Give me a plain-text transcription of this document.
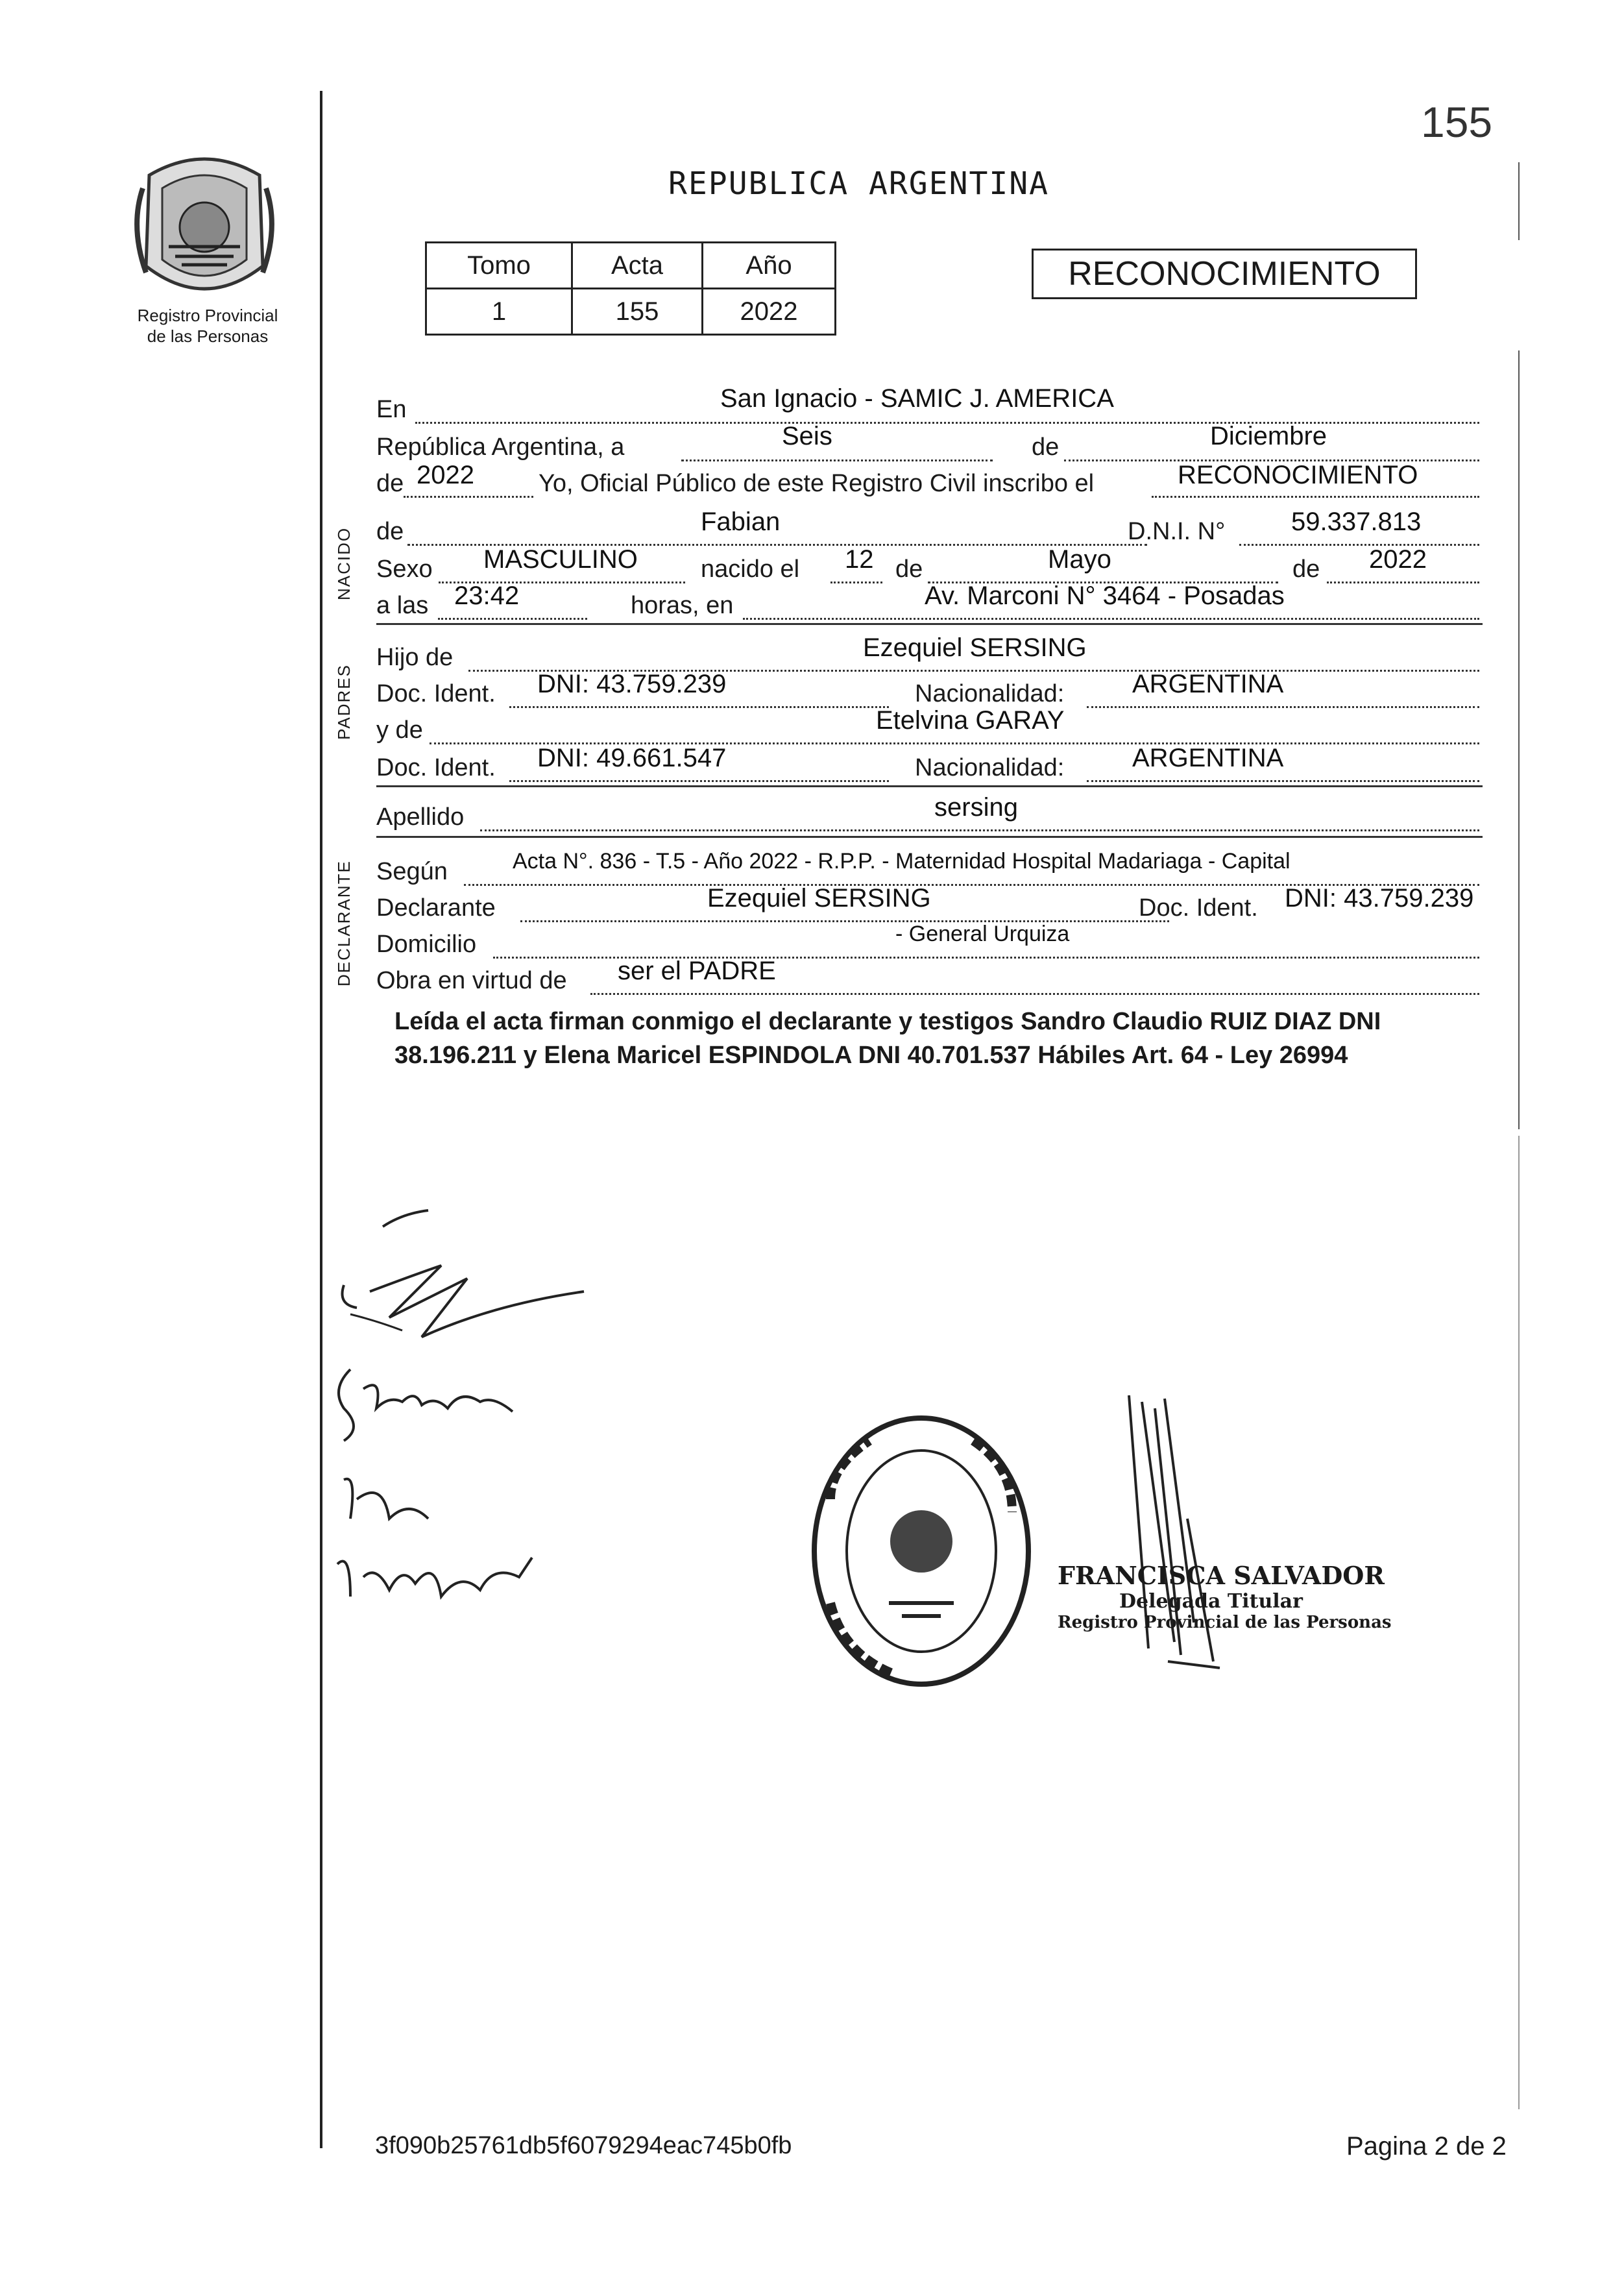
Registro Provincial
de las Personas
155
REPUBLICA ARGENTINA
Tomo	Acta	Año
1	155	2022
RECONOCIMIENTO
NACIDO
PADRES
DECLARANTE
En	San Ignacio - SAMIC J. AMERICA
República Argentina, a	Seis	de	Diciembre
de 2022	Yo, Oficial Público de este Registro Civil inscribo el	RECONOCIMIENTO
de	Fabian	D.N.I. N°	59.337.813
Sexo MASCULINO	nacido el 12 de	Mayo	de 2022
a las 23:42	horas, en	Av. Marconi N° 3464 - Posadas
Hijo de	Ezequiel SERSING
Doc. Ident. DNI: 43.759.239	Nacionalidad:	ARGENTINA
y de	Etelvina GARAY
Doc. Ident. DNI: 49.661.547	Nacionalidad:	ARGENTINA
Apellido	sersing
Según	Acta N°. 836 - T.5 - Año 2022 - R.P.P. - Maternidad Hospital Madariaga - Capital
Declarante	Ezequiel SERSING	Doc. Ident. DNI: 43.759.239
Domicilio	- General Urquiza
Obra en virtud de ser el PADRE
Leída el acta firman conmigo el declarante y testigos Sandro Claudio RUIZ DIAZ DNI 38.196.211 y Elena Maricel ESPINDOLA DNI 40.701.537 Hábiles Art. 64 - Ley 26994
FRANCISCA SALVADOR
Delegada Titular
Registro Provincial de las Personas
3f090b25761db5f6079294eac745b0fb	Pagina 2 de 2
